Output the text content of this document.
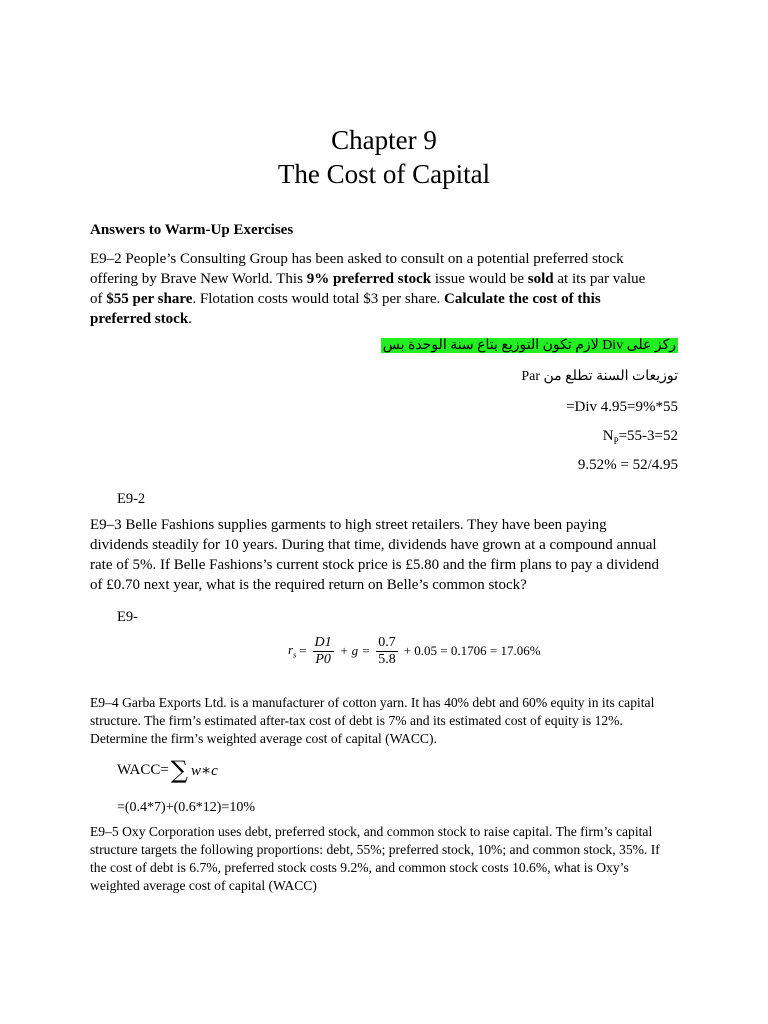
Chapter 9
The Cost of Capital
Answers to Warm-Up Exercises
E9–2 People’s Consulting Group has been asked to consult on a potential preferred stock offering by Brave New World. This 9% preferred stock issue would be sold at its par value of $55 per share. Flotation costs would total $3 per share. Calculate the cost of this preferred stock.
ركز على Div لازم تكون التوزيع بتاع سنة الوحدة بس
توزيعات السنة تطلع من Par
=Div 4.95=9%*55
$N_P=55-3=52$
9.52% = 52/4.95
E9-2
E9–3 Belle Fashions supplies garments to high street retailers. They have been paying dividends steadily for 10 years. During that time, dividends have grown at a compound annual rate of 5%. If Belle Fashions’s current stock price is £5.80 and the firm plans to pay a dividend of £0.70 next year, what is the required return on Belle’s common stock?
E9-
$r_s = \frac{D1}{P0} + g = \frac{0.7}{5.8} + 0.05 = 0.1706 = 17.06\%$
E9–4 Garba Exports Ltd. is a manufacturer of cotton yarn. It has 40% debt and 60% equity in its capital structure. The firm’s estimated after-tax cost of debt is 7% and its estimated cost of equity is 12%. Determine the firm’s weighted average cost of capital (WACC).
WACC= ∑ w∗c
=(0.4*7)+(0.6*12)=10%
E9–5 Oxy Corporation uses debt, preferred stock, and common stock to raise capital. The firm’s capital structure targets the following proportions: debt, 55%; preferred stock, 10%; and common stock, 35%. If the cost of debt is 6.7%, preferred stock costs 9.2%, and common stock costs 10.6%, what is Oxy’s weighted average cost of capital (WACC)
